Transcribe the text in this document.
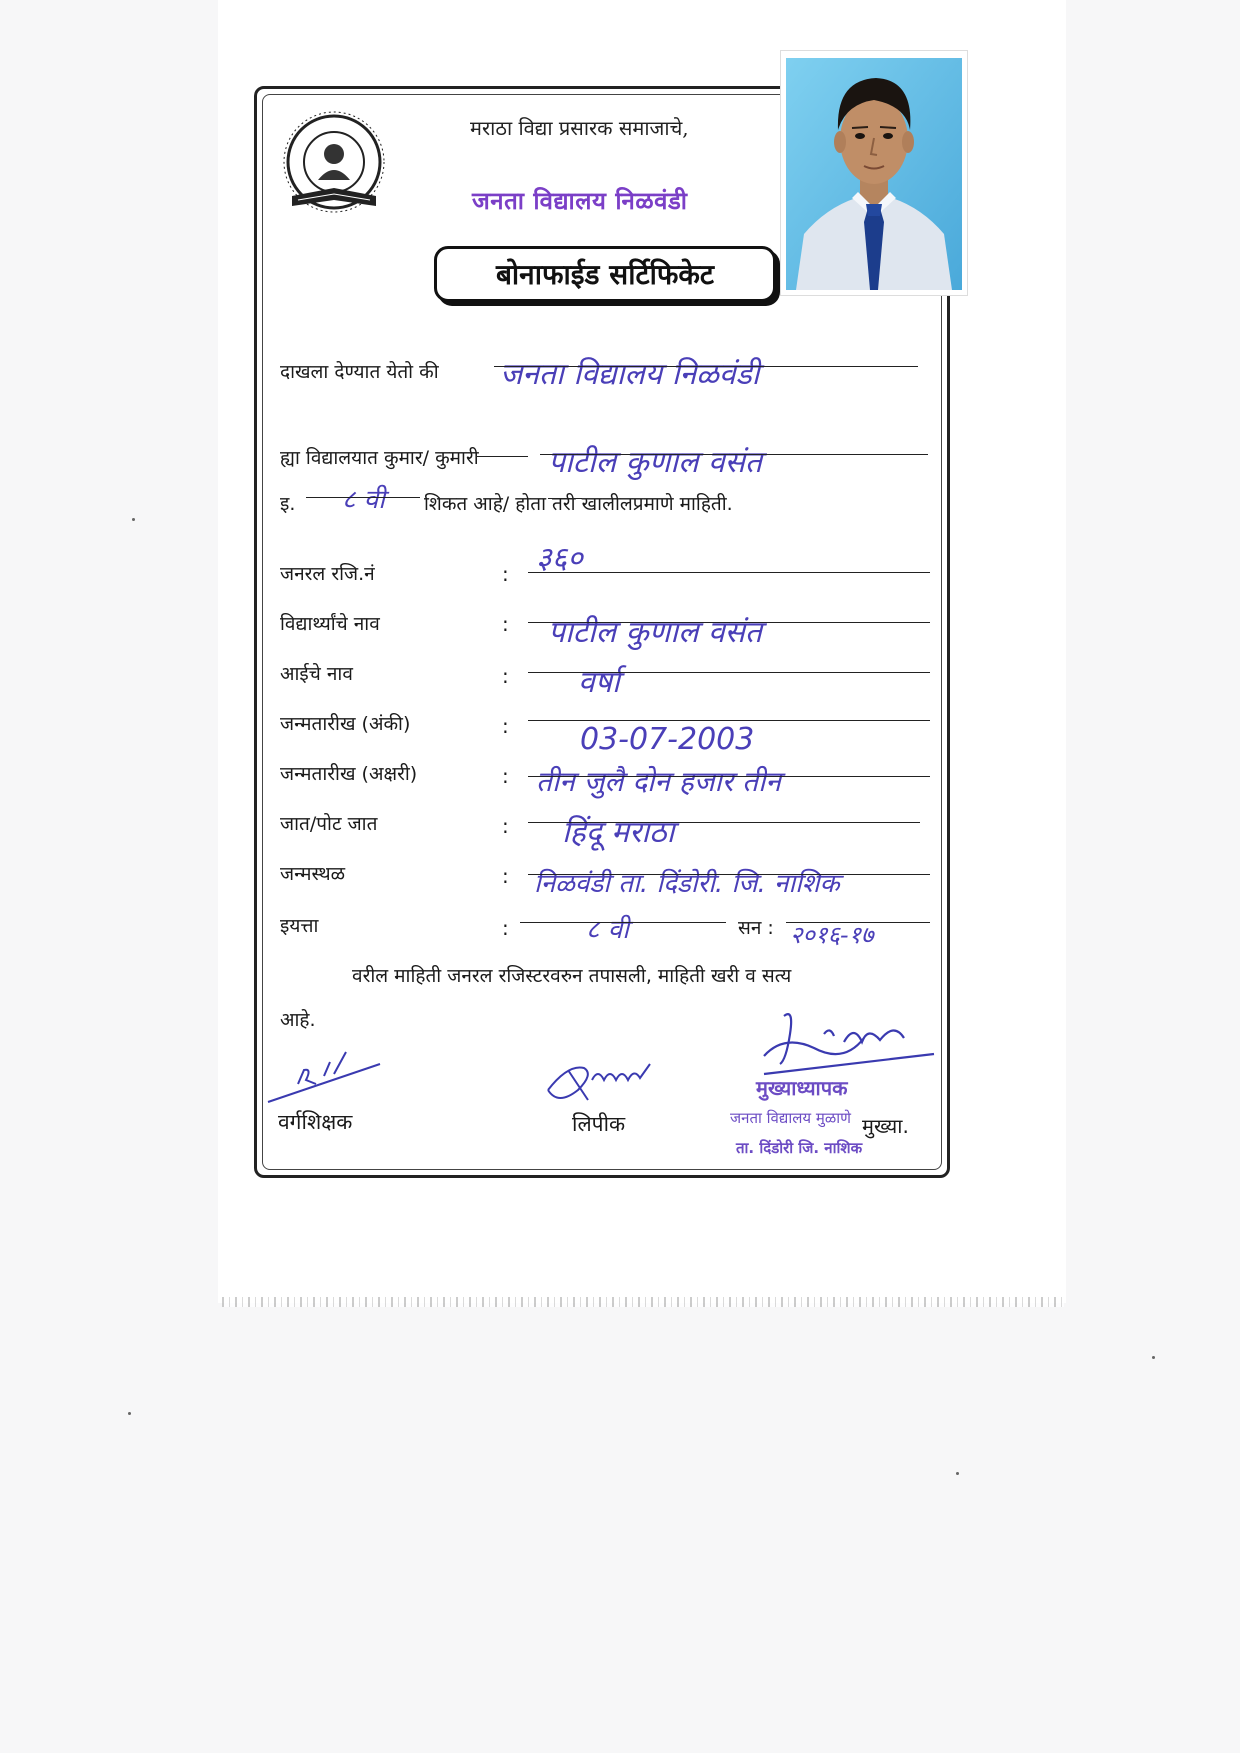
मराठा विद्या प्रसारक समाजाचे,
जनता विद्यालय निळवंडी
बोनाफाईड सर्टिफिकेट
दाखला देण्यात येतो की जनता विद्यालय निळवंडी
ह्या विद्यालयात कुमार/ कुमारी पाटील कुणाल वसंत
इ. ८ वी शिकत आहे/ होता तरी खालीलप्रमाणे माहिती.
जनरल रजि.नं	: ३६०
विद्यार्थ्यांचे नाव	: पाटील कुणाल वसंत
आईचे नाव	: वर्षा
जन्मतारीख (अंकी)	: 03-07-2003
जन्मतारीख (अक्षरी)	: तीन जुलै दोन हजार तीन
जात/पोट जात	: हिंदू मराठा
जन्मस्थळ	: निळवंडी ता. दिंडोरी. जि. नाशिक
इयत्ता	:	८ वी	सन : २०१६-१७
वरील माहिती जनरल रजिस्टरवरुन तपासली, माहिती खरी व सत्य
आहे.
वर्गशिक्षक	लिपीक
मुख्याध्यापक
जनता विद्यालय मुळाणे मुख्या.
ता. दिंडोरी जि. नाशिक
